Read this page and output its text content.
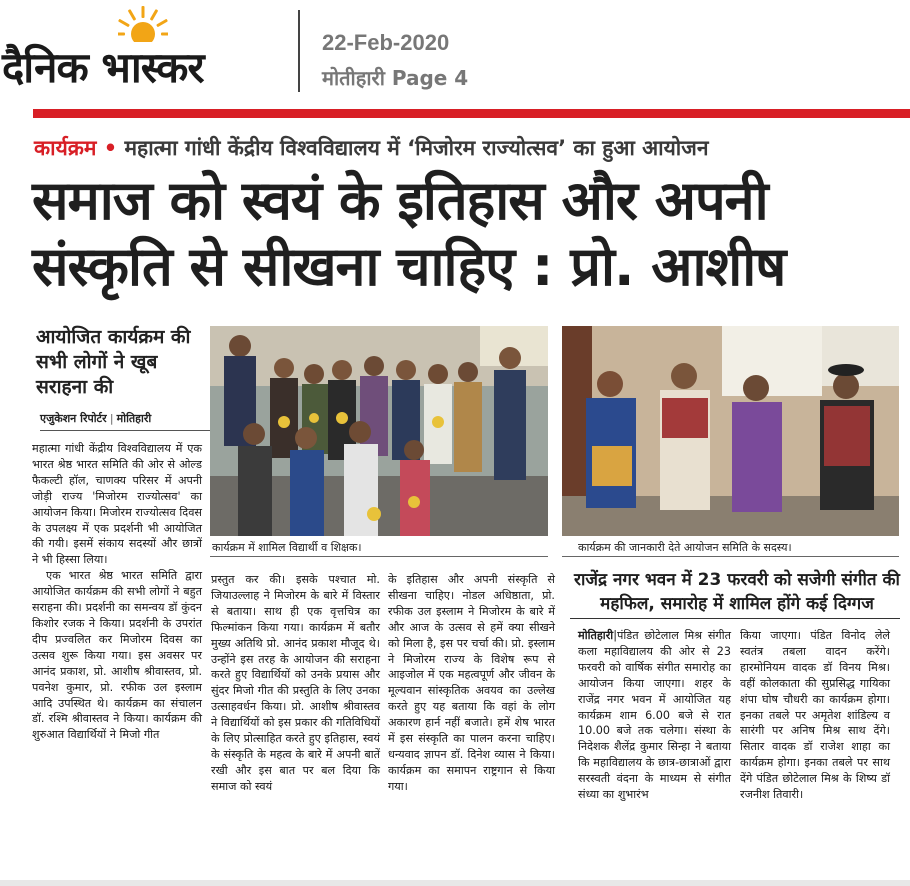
दैनिक भास्कर
22-Feb-2020
मोतीहारी Page 4
कार्यक्रम • महात्मा गांधी केंद्रीय विश्वविद्यालय में ‘मिजोरम राज्योत्सव’ का हुआ आयोजन
समाज को स्वयं के इतिहास और अपनी
संस्कृति से सीखना चाहिए : प्रो. आशीष
आयोजित कार्यक्रम की सभी लोगों ने खूब सराहना की
एजुकेशन रिपोर्टर | मोतिहारी

महात्मा गांधी केंद्रीय विश्वविद्यालय में एक भारत श्रेष्ठ भारत समिति की ओर से ओल्ड फैकल्टी हॉल, चाणक्य परिसर में अपनी जोड़ी राज्य 'मिजोरम राज्योत्सव' का आयोजन किया। मिजोरम राज्योत्सव दिवस के उपलक्ष्य में एक प्रदर्शनी भी आयोजित की गयी। इसमें संकाय सदस्यों और छात्रों ने भी हिस्सा लिया।

एक भारत श्रेष्ठ भारत समिति द्वारा आयोजित कार्यक्रम की सभी लोगों ने बहुत सराहना की। प्रदर्शनी का समन्वय डॉ कुंदन किशोर रजक ने किया। प्रदर्शनी के उपरांत दीप प्रज्वलित कर मिजोरम दिवस का उत्सव शुरू किया गया। इस अवसर पर आनंद प्रकाश, प्रो. आशीष श्रीवास्तव, प्रो. पवनेश कुमार, प्रो. रफीक उल इस्लाम आदि उपस्थित थे। कार्यक्रम का संचालन डॉ. रश्मि श्रीवास्तव ने किया। कार्यक्रम की शुरुआत विद्यार्थियों ने मिजो गीत

प्रस्तुत कर की। इसके पश्चात मो. जियाउल्लाह ने मिजोरम के बारे में विस्तार से बताया। साथ ही एक वृत्तचित्र का फिल्मांकन किया गया। कार्यक्रम में बतौर मुख्य अतिथि प्रो. आनंद प्रकाश मौजूद थे। उन्होंने इस तरह के आयोजन की सराहना करते हुए विद्यार्थियों को उनके प्रयास और सुंदर मिजो गीत की प्रस्तुति के लिए उनका उत्साहवर्धन किया। प्रो. आशीष श्रीवास्तव ने विद्यार्थियों को इस प्रकार की गतिविधियों के लिए प्रोत्साहित करते हुए इतिहास, स्वयं के संस्कृति के महत्व के बारे में अपनी बातें रखी और इस बात पर बल दिया कि समाज को स्वयं

के इतिहास और अपनी संस्कृति से सीखना चाहिए। नोडल अधिष्ठाता, प्रो. रफीक उल इस्लाम ने मिजोरम के बारे में और आज के उत्सव से हमें क्या सीखने को मिला है, इस पर चर्चा की। प्रो. इस्लाम ने मिजोरम राज्य के विशेष रूप से आइजोल में एक महत्वपूर्ण और जीवन के मूल्यवान सांस्कृतिक अवयव का उल्लेख करते हुए यह बताया कि वहां के लोग अकारण हार्न नहीं बजाते। हमें शेष भारत में इस संस्कृति का पालन करना चाहिए। धन्यवाद ज्ञापन डॉ. दिनेश व्यास ने किया। कार्यक्रम का समापन राष्ट्रगान से किया गया।

कार्यक्रम में शामिल विद्यार्थी व शिक्षक।	कार्यक्रम की जानकारी देते आयोजन समिति के सदस्य।
राजेंद्र नगर भवन में 23 फरवरी को सजेगी संगीत की महफिल, समारोह में शामिल होंगे कई दिग्गज

मोतिहारी|पंडित छोटेलाल मिश्र संगीत कला महाविद्यालय की ओर से 23 फरवरी को वार्षिक संगीत समारोह का आयोजन किया जाएगा। शहर के राजेंद्र नगर भवन में आयोजित यह कार्यक्रम शाम 6.00 बजे से रात 10.00 बजे तक चलेगा। संस्था के निदेशक शैलेंद्र कुमार सिन्हा ने बताया कि महाविद्यालय के छात्र-छात्राओं द्वारा सरस्वती वंदना के माध्यम से संगीत संध्या का शुभारंभ

किया जाएगा। पंडित विनोद लेले स्वतंत्र तबला वादन करेंगे। हारमोनियम वादक डॉ विनय मिश्र। वहीं कोलकाता की सुप्रसिद्ध गायिका शंपा घोष चौधरी का कार्यक्रम होगा। इनका तबले पर अमृतेश शांडिल्य व सारंगी पर अनिष मिश्र साथ देंगे। सितार वादक डॉ राजेश शाहा का कार्यक्रम होगा। इनका तबले पर साथ देंगे पंडित छोटेलाल मिश्र के शिष्य डॉ रजनीश तिवारी।
